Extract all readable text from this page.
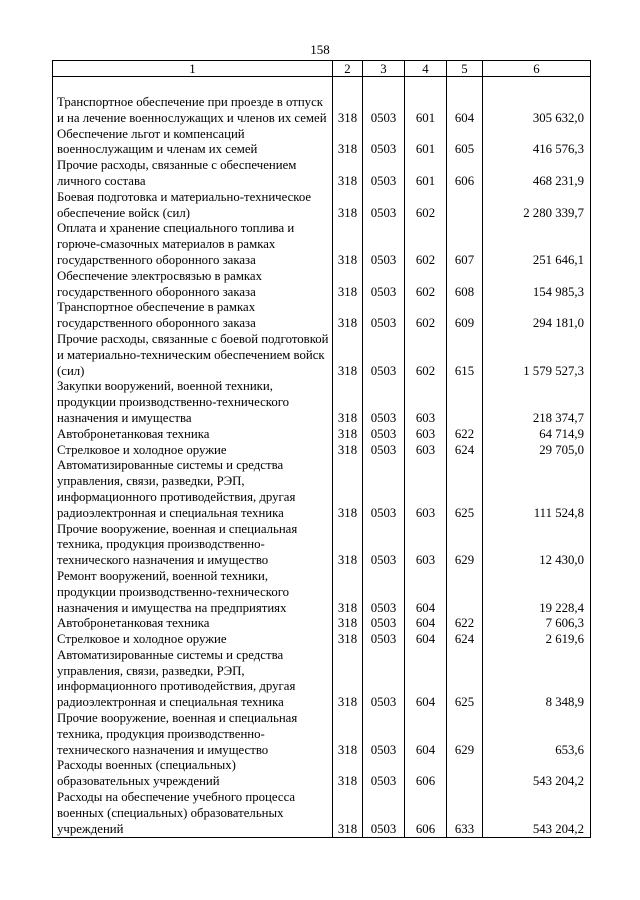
158
1	2	3	4	5	6

Транспортное обеспечение при проезде в отпуск и на лечение военнослужащих и членов их семей	318	0503	601	604	305 632,0
Обеспечение льгот и компенсаций военнослужащим и членам их семей	318	0503	601	605	416 576,3
Прочие расходы, связанные с обеспечением личного состава	318	0503	601	606	468 231,9
Боевая подготовка и материально-техническое обеспечение войск (сил)	318	0503	602		2 280 339,7
Оплата и хранение специального топлива и горюче-смазочных материалов в рамках государственного оборонного заказа	318	0503	602	607	251 646,1
Обеспечение электросвязью в рамках государственного оборонного заказа	318	0503	602	608	154 985,3
Транспортное обеспечение в рамках государственного оборонного заказа	318	0503	602	609	294 181,0
Прочие расходы, связанные с боевой подготовкой и материально-техническим обеспечением войск (сил)	318	0503	602	615	1 579 527,3
Закупки вооружений, военной техники, продукции производственно-технического назначения и имущества	318	0503	603		218 374,7
Автобронетанковая техника	318	0503	603	622	64 714,9
Стрелковое и холодное оружие	318	0503	603	624	29 705,0
Автоматизированные системы и средства управления, связи, разведки, РЭП, информационного противодействия, другая радиоэлектронная и специальная техника	318	0503	603	625	111 524,8
Прочие вооружение, военная и специальная техника, продукция производственно-технического назначения и имущество	318	0503	603	629	12 430,0
Ремонт вооружений, военной техники, продукции производственно-технического назначения и имущества на предприятиях	318	0503	604		19 228,4
Автобронетанковая техника	318	0503	604	622	7 606,3
Стрелковое и холодное оружие	318	0503	604	624	2 619,6
Автоматизированные системы и средства управления, связи, разведки, РЭП, информационного противодействия, другая радиоэлектронная и специальная техника	318	0503	604	625	8 348,9
Прочие вооружение, военная и специальная техника, продукция производственно-технического назначения и имущество	318	0503	604	629	653,6
Расходы военных (специальных) образовательных учреждений	318	0503	606		543 204,2
Расходы на обеспечение учебного процесса военных (специальных) образовательных учреждений	318	0503	606	633	543 204,2
